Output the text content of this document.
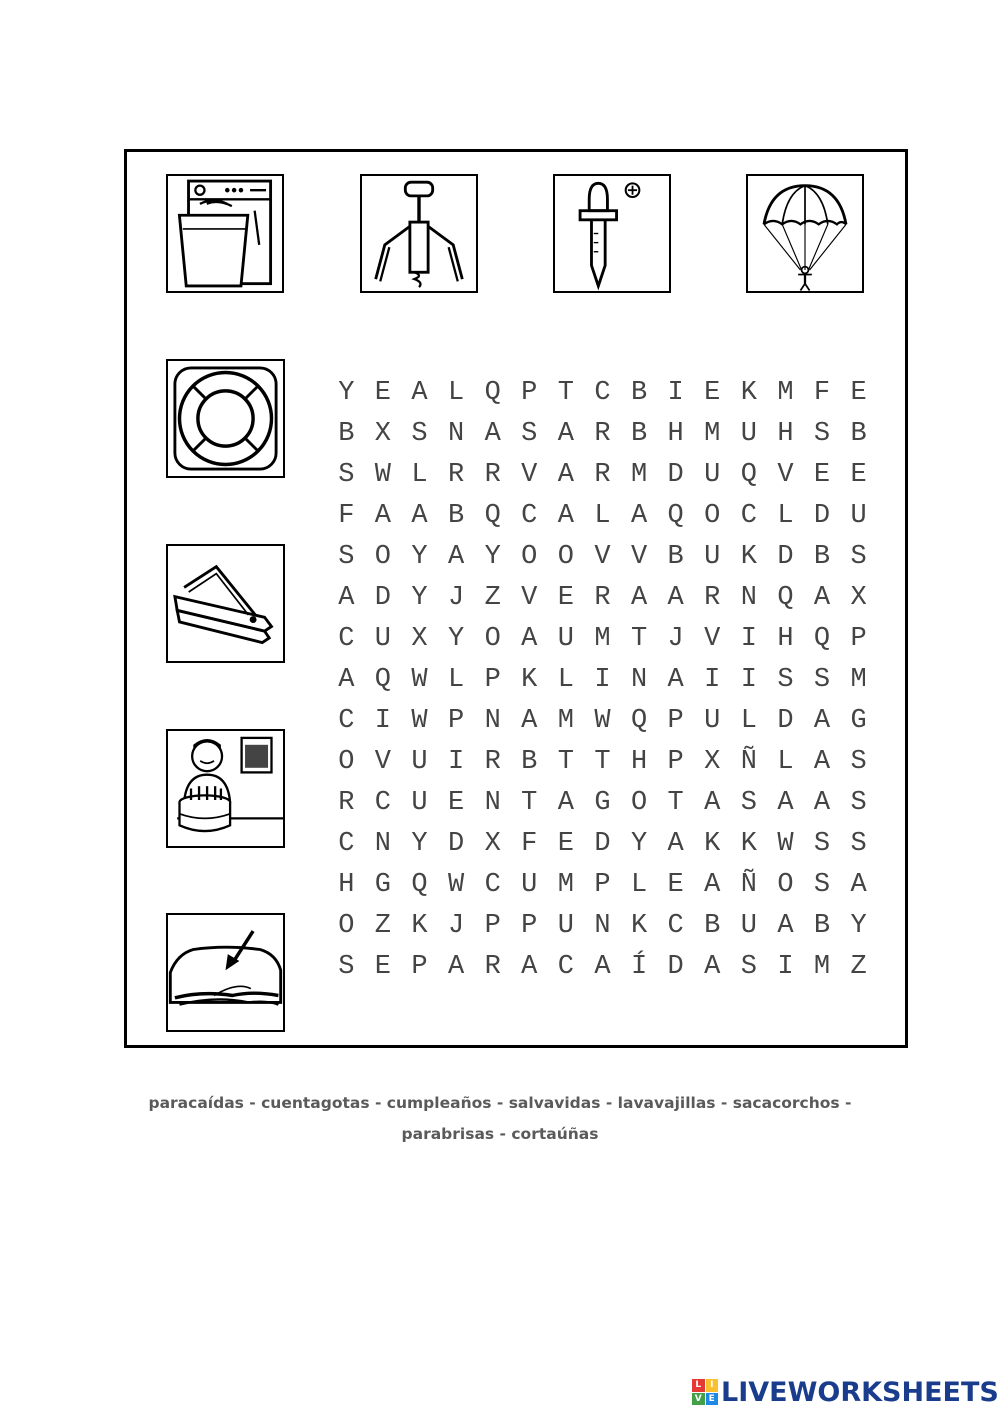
Y E A L Q P T C B I E K M F E
B X S N A S A R B H M U H S B
S W L R R V A R M D U Q V E E
F A A B Q C A L A Q O C L D U
S O Y A Y O O V V B U K D B S
A D Y J Z V E R A A R N Q A X
C U X Y O A U M T J V I H Q P
A Q W L P K L I N A I I S S M
C I W P N A M W Q P U L D A G
O V U I R B T T H P X Ñ L A S
R C U E N T A G O T A S A A S
C N Y D X F E D Y A K K W S S
H G Q W C U M P L E A Ñ O S A
O Z K J P P U N K C B U A B Y
S E P A R A C A Í D A S I M Z
paracaídas - cuentagotas - cumpleaños - salvavidas - lavavajillas - sacacorchos -
parabrisas - cortaúñas
L I
V E LIVEWORKSHEETS
